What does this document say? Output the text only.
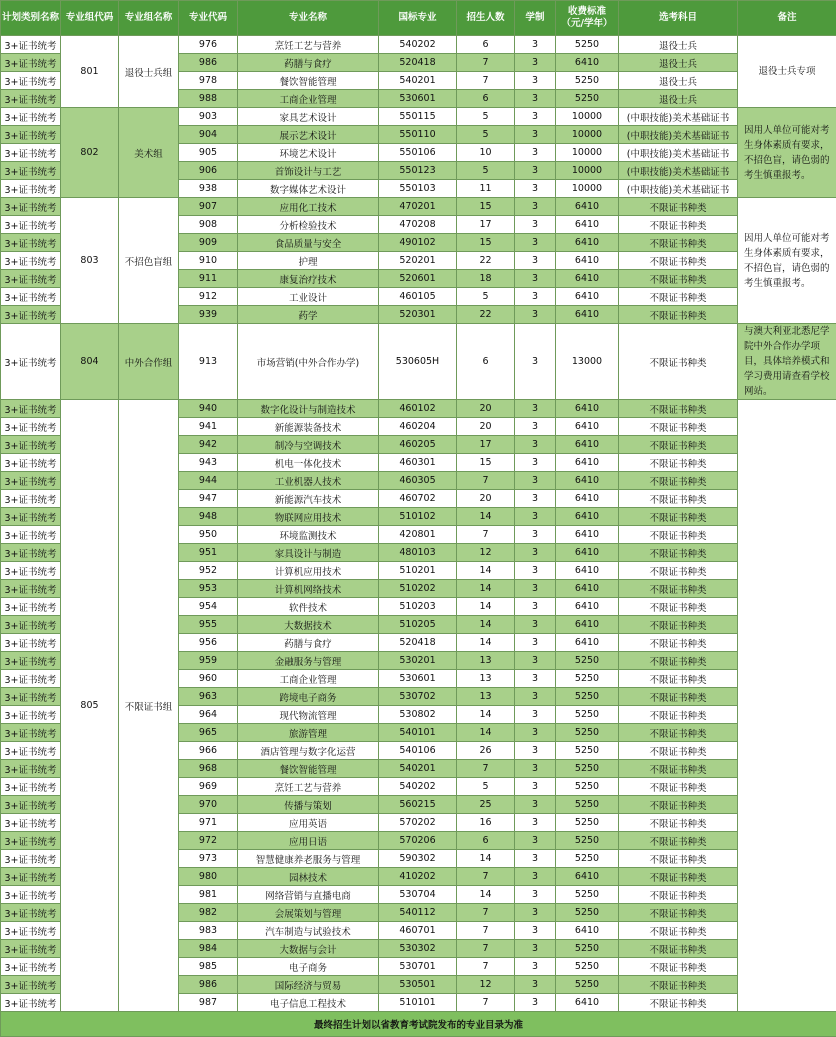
计划类别名称	专业组代码	专业组名称	专业代码	专业名称	国标专业	招生人数	学制	收费标准
（元/学年）	选考科目	备注
3+证书统考	801	退役士兵组	976	烹饪工艺与营养	540202	6	3	5250	退役士兵	退役士兵专项
3+证书统考			986	药膳与食疗	520418	7	3	6410	退役士兵	
3+证书统考			978	餐饮智能管理	540201	7	3	5250	退役士兵	
3+证书统考			988	工商企业管理	530601	6	3	5250	退役士兵	
3+证书统考	802	美术组	903	家具艺术设计	550115	5	3	10000	(中职技能)美术基础证书	因用人单位可能对考生身体素质有要求，不招色盲，请色弱的考生慎重报考。
3+证书统考			904	展示艺术设计	550110	5	3	10000	(中职技能)美术基础证书	
3+证书统考			905	环境艺术设计	550106	10	3	10000	(中职技能)美术基础证书	
3+证书统考			906	首饰设计与工艺	550123	5	3	10000	(中职技能)美术基础证书	
3+证书统考			938	数字媒体艺术设计	550103	11	3	10000	(中职技能)美术基础证书	
3+证书统考	803	不招色盲组	907	应用化工技术	470201	15	3	6410	不限证书种类	因用人单位可能对考生身体素质有要求，不招色盲，请色弱的考生慎重报考。
3+证书统考			908	分析检验技术	470208	17	3	6410	不限证书种类	
3+证书统考			909	食品质量与安全	490102	15	3	6410	不限证书种类	
3+证书统考			910	护理	520201	22	3	6410	不限证书种类	
3+证书统考			911	康复治疗技术	520601	18	3	6410	不限证书种类	
3+证书统考			912	工业设计	460105	5	3	6410	不限证书种类	
3+证书统考			939	药学	520301	22	3	6410	不限证书种类	
3+证书统考	804	中外合作组	913	市场营销(中外合作办学)	530605H	6	3	13000	不限证书种类	与澳大利亚北悉尼学院中外合作办学项目，具体培养模式和学习费用请查看学校网站。
3+证书统考	805	不限证书组	940	数字化设计与制造技术	460102	20	3	6410	不限证书种类	
3+证书统考			941	新能源装备技术	460204	20	3	6410	不限证书种类	
3+证书统考			942	制冷与空调技术	460205	17	3	6410	不限证书种类	
3+证书统考			943	机电一体化技术	460301	15	3	6410	不限证书种类	
3+证书统考			944	工业机器人技术	460305	7	3	6410	不限证书种类	
3+证书统考			947	新能源汽车技术	460702	20	3	6410	不限证书种类	
3+证书统考			948	物联网应用技术	510102	14	3	6410	不限证书种类	
3+证书统考			950	环境监测技术	420801	7	3	6410	不限证书种类	
3+证书统考			951	家具设计与制造	480103	12	3	6410	不限证书种类	
3+证书统考			952	计算机应用技术	510201	14	3	6410	不限证书种类	
3+证书统考			953	计算机网络技术	510202	14	3	6410	不限证书种类	
3+证书统考			954	软件技术	510203	14	3	6410	不限证书种类	
3+证书统考			955	大数据技术	510205	14	3	6410	不限证书种类	
3+证书统考			956	药膳与食疗	520418	14	3	6410	不限证书种类	
3+证书统考			959	金融服务与管理	530201	13	3	5250	不限证书种类	
3+证书统考			960	工商企业管理	530601	13	3	5250	不限证书种类	
3+证书统考			963	跨境电子商务	530702	13	3	5250	不限证书种类	
3+证书统考			964	现代物流管理	530802	14	3	5250	不限证书种类	
3+证书统考			965	旅游管理	540101	14	3	5250	不限证书种类	
3+证书统考			966	酒店管理与数字化运营	540106	26	3	5250	不限证书种类	
3+证书统考			968	餐饮智能管理	540201	7	3	5250	不限证书种类	
3+证书统考			969	烹饪工艺与营养	540202	5	3	5250	不限证书种类	
3+证书统考			970	传播与策划	560215	25	3	5250	不限证书种类	
3+证书统考			971	应用英语	570202	16	3	5250	不限证书种类	
3+证书统考			972	应用日语	570206	6	3	5250	不限证书种类	
3+证书统考			973	智慧健康养老服务与管理	590302	14	3	5250	不限证书种类	
3+证书统考			980	园林技术	410202	7	3	6410	不限证书种类	
3+证书统考			981	网络营销与直播电商	530704	14	3	5250	不限证书种类	
3+证书统考			982	会展策划与管理	540112	7	3	5250	不限证书种类	
3+证书统考			983	汽车制造与试验技术	460701	7	3	6410	不限证书种类	
3+证书统考			984	大数据与会计	530302	7	3	5250	不限证书种类	
3+证书统考			985	电子商务	530701	7	3	5250	不限证书种类	
3+证书统考			986	国际经济与贸易	530501	12	3	5250	不限证书种类	
3+证书统考			987	电子信息工程技术	510101	7	3	6410	不限证书种类	
最终招生计划以省教育考试院发布的专业目录为准										
